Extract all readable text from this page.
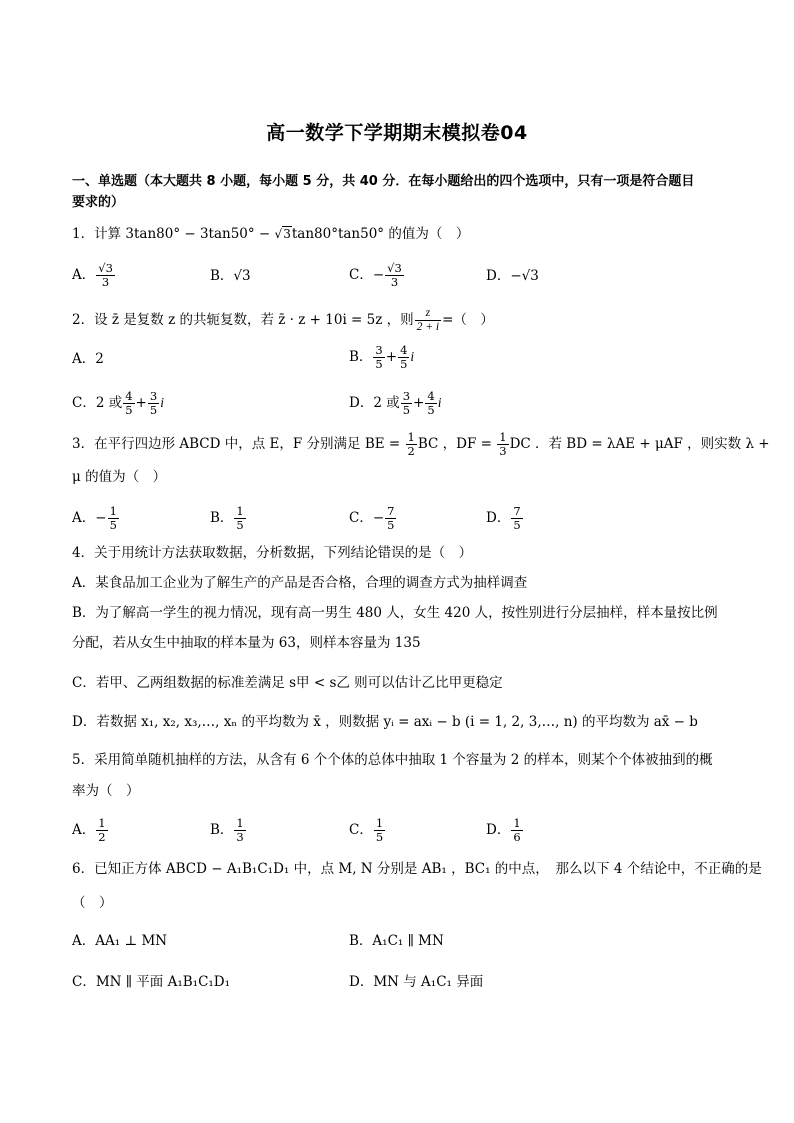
高一数学下学期期末模拟卷04
一、单选题（本大题共 8 小题，每小题 5 分，共 40 分．在每小题给出的四个选项中，只有一项是符合题目
要求的）
1．计算 3tan80° − 3tan50° − √3tan80°tan50° 的值为（　）
A． $\frac{√3}{3}$	B．√3	C．− $\frac{√3}{3}$	D．−√3
2．设 z̄ 是复数 z 的共轭复数，若 z̄ · z + 10i = 5z ，则 $\frac{z}{2 + i}$ =（　）
A．2	B． $\frac{3}{5} + \frac{4}{5}$ i
C．2 或 $\frac{4}{5} + \frac{3}{5}$ i	D．2 或 $\frac{3}{5} + \frac{4}{5}$ i
3．在平行四边形 ABCD 中，点 E，F 分别满足 BE = $\frac{1}{2}$ BC ，DF = $\frac{1}{3}$ DC ．若 BD = λAE + μAF ，则实数 λ +
μ 的值为（　）
A．− $\frac{1}{5}$	B． $\frac{1}{5}$	C．− $\frac{7}{5}$	D． $\frac{7}{5}$
4．关于用统计方法获取数据，分析数据，下列结论错误的是（　）
A．某食品加工企业为了解生产的产品是否合格，合理的调查方式为抽样调查
B．为了解高一学生的视力情况，现有高一男生 480 人，女生 420 人，按性别进行分层抽样，样本量按比例
分配，若从女生中抽取的样本量为 63，则样本容量为 135
C．若甲、乙两组数据的标准差满足 s甲 < s乙 则可以估计乙比甲更稳定
D．若数据 x₁, x₂, x₃,…, xₙ 的平均数为 x̄ ，则数据 yᵢ = axᵢ − b (i = 1, 2, 3,…, n) 的平均数为 ax̄ − b
5．采用简单随机抽样的方法，从含有 6 个个体的总体中抽取 1 个容量为 2 的样本，则某个个体被抽到的概
率为（　）
A． $\frac{1}{2}$	B． $\frac{1}{3}$	C． $\frac{1}{5}$	D． $\frac{1}{6}$
6．已知正方体 ABCD − A₁B₁C₁D₁ 中，点 M, N 分别是 AB₁ ，BC₁ 的中点，　那么以下 4 个结论中，不正确的是
（　）
A．AA₁ ⊥ MN	B．A₁C₁ ∥ MN
C．MN ∥ 平面 A₁B₁C₁D₁	D．MN 与 A₁C₁ 异面
